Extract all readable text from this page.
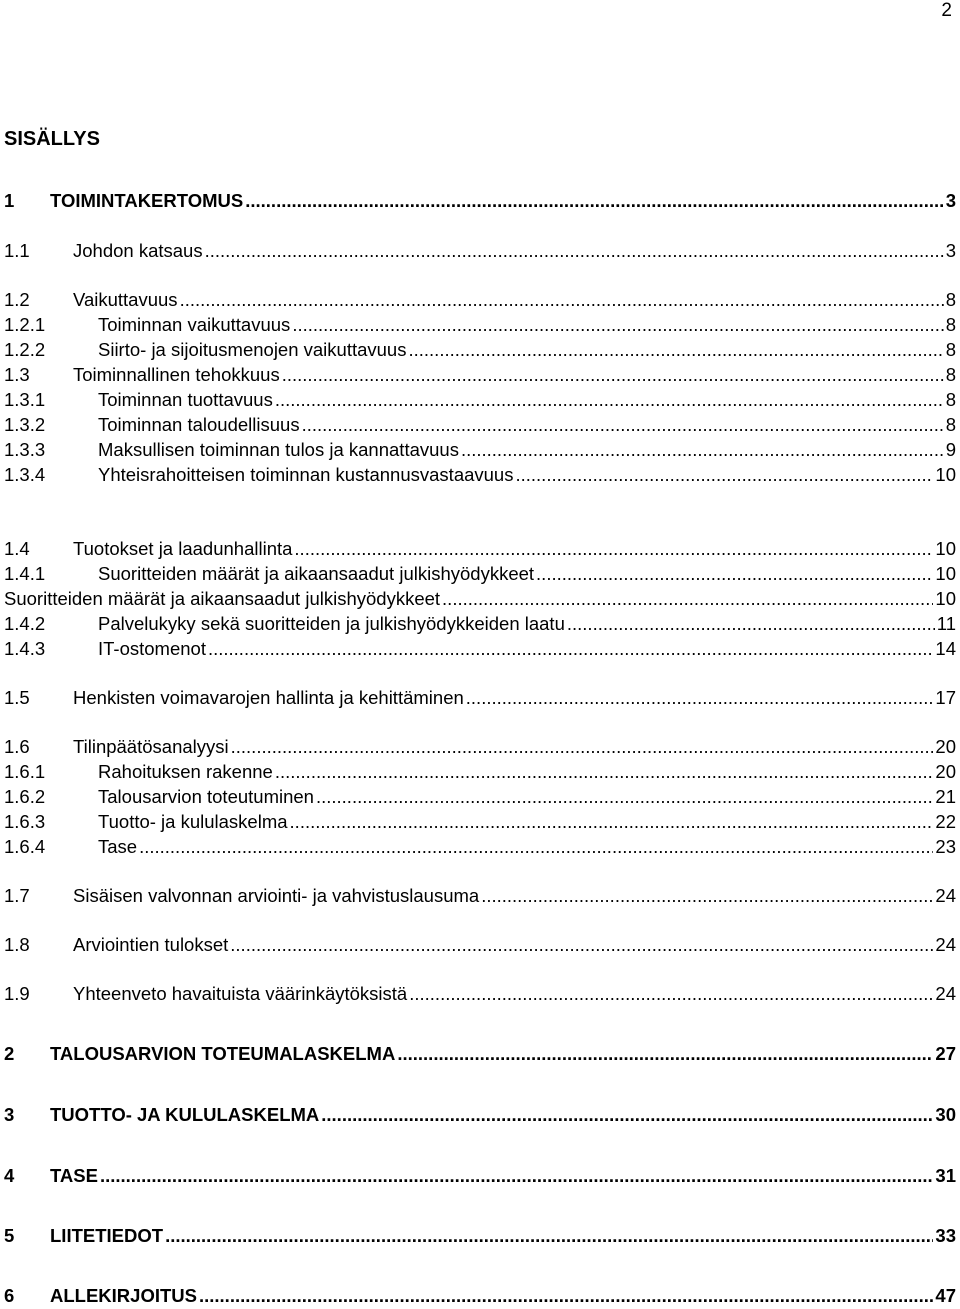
2
SISÄLLYS
1	TOIMINTAKERTOMUS .....	3
1.1	Johdon katsaus .....	3
1.2	Vaikuttavuus .....	8
1.2.1	Toiminnan vaikuttavuus .....	8
1.2.2	Siirto- ja sijoitusmenojen vaikuttavuus .....	8
1.3	Toiminnallinen tehokkuus .....	8
1.3.1	Toiminnan tuottavuus .....	8
1.3.2	Toiminnan taloudellisuus .....	8
1.3.3	Maksullisen toiminnan tulos ja kannattavuus .....	9
1.3.4	Yhteisrahoitteisen toiminnan kustannusvastaavuus .....	10
1.4	Tuotokset ja laadunhallinta .....	10
1.4.1	Suoritteiden määrät ja aikaansaadut julkishyödykkeet .....	10
Suoritteiden määrät ja aikaansaadut julkishyödykkeet .....	10
1.4.2	Palvelukyky sekä suoritteiden ja julkishyödykkeiden laatu .....	11
1.4.3	IT-ostomenot .....	14
1.5	Henkisten voimavarojen hallinta ja kehittäminen .....	17
1.6	Tilinpäätösanalyysi .....	20
1.6.1	Rahoituksen rakenne .....	20
1.6.2	Talousarvion toteutuminen .....	21
1.6.3	Tuotto- ja kululaskelma .....	22
1.6.4	Tase .....	23
1.7	Sisäisen valvonnan arviointi- ja vahvistuslausuma .....	24
1.8	Arviointien tulokset .....	24
1.9	Yhteenveto havaituista väärinkäytöksistä .....	24
2	TALOUSARVION TOTEUMALASKELMA .....	27
3	TUOTTO- JA KULULASKELMA .....	30
4	TASE .....	31
5	LIITETIEDOT .....	33
6	ALLEKIRJOITUS .....	47
